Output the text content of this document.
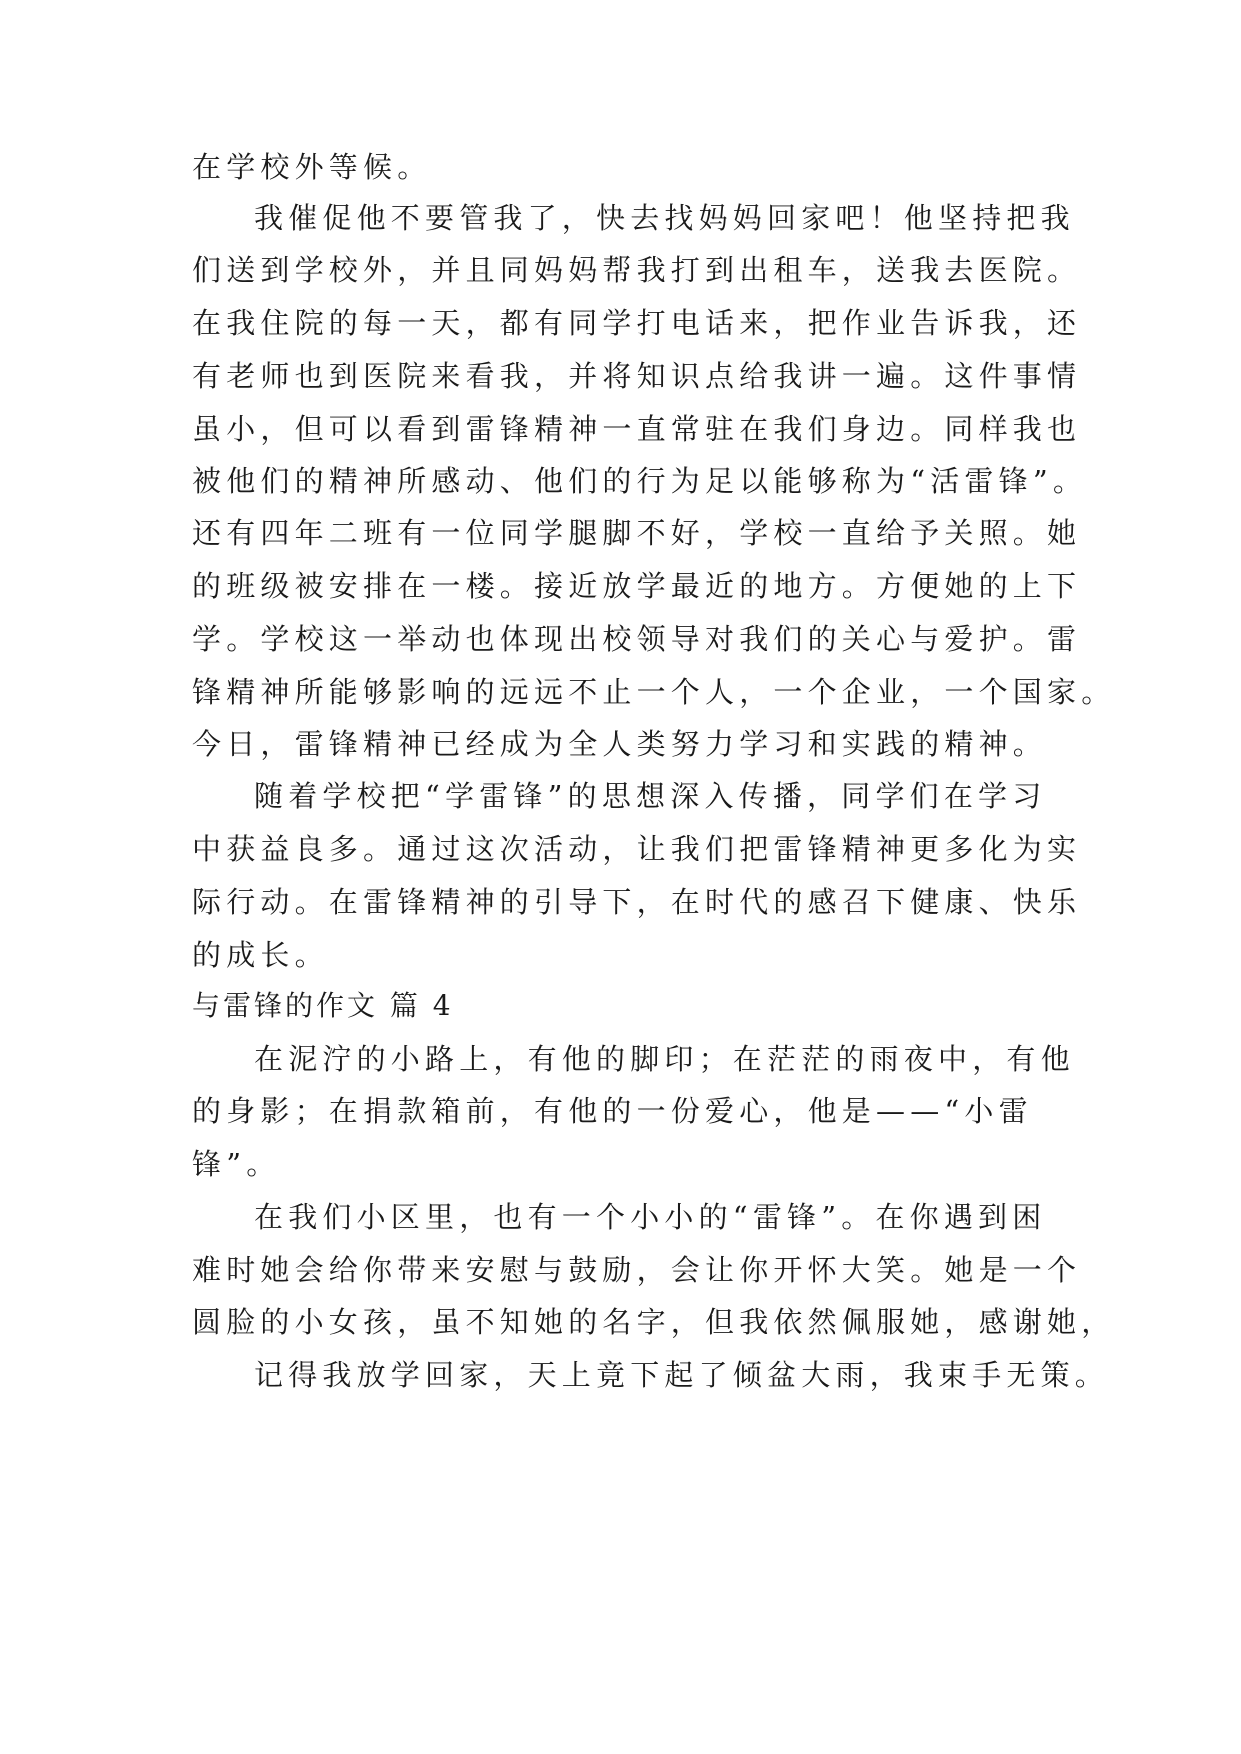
在学校外等候。
我催促他不要管我了，快去找妈妈回家吧！他坚持把我
们送到学校外，并且同妈妈帮我打到出租车，送我去医院。
在我住院的每一天，都有同学打电话来，把作业告诉我，还
有老师也到医院来看我，并将知识点给我讲一遍。这件事情
虽小，但可以看到雷锋精神一直常驻在我们身边。同样我也
被他们的精神所感动、他们的行为足以能够称为“活雷锋”。
还有四年二班有一位同学腿脚不好，学校一直给予关照。她
的班级被安排在一楼。接近放学最近的地方。方便她的上下
学。学校这一举动也体现出校领导对我们的关心与爱护。雷
锋精神所能够影响的远远不止一个人，一个企业，一个国家。
今日，雷锋精神已经成为全人类努力学习和实践的精神。
随着学校把“学雷锋”的思想深入传播，同学们在学习
中获益良多。通过这次活动，让我们把雷锋精神更多化为实
际行动。在雷锋精神的引导下，在时代的感召下健康、快乐
的成长。
与雷锋的作文 篇 4
在泥泞的小路上，有他的脚印；在茫茫的雨夜中，有他
的身影；在捐款箱前，有他的一份爱心，他是——“小雷
锋”。
在我们小区里，也有一个小小的“雷锋”。在你遇到困
难时她会给你带来安慰与鼓励，会让你开怀大笑。她是一个
圆脸的小女孩，虽不知她的名字，但我依然佩服她，感谢她，
记得我放学回家，天上竟下起了倾盆大雨，我束手无策。
